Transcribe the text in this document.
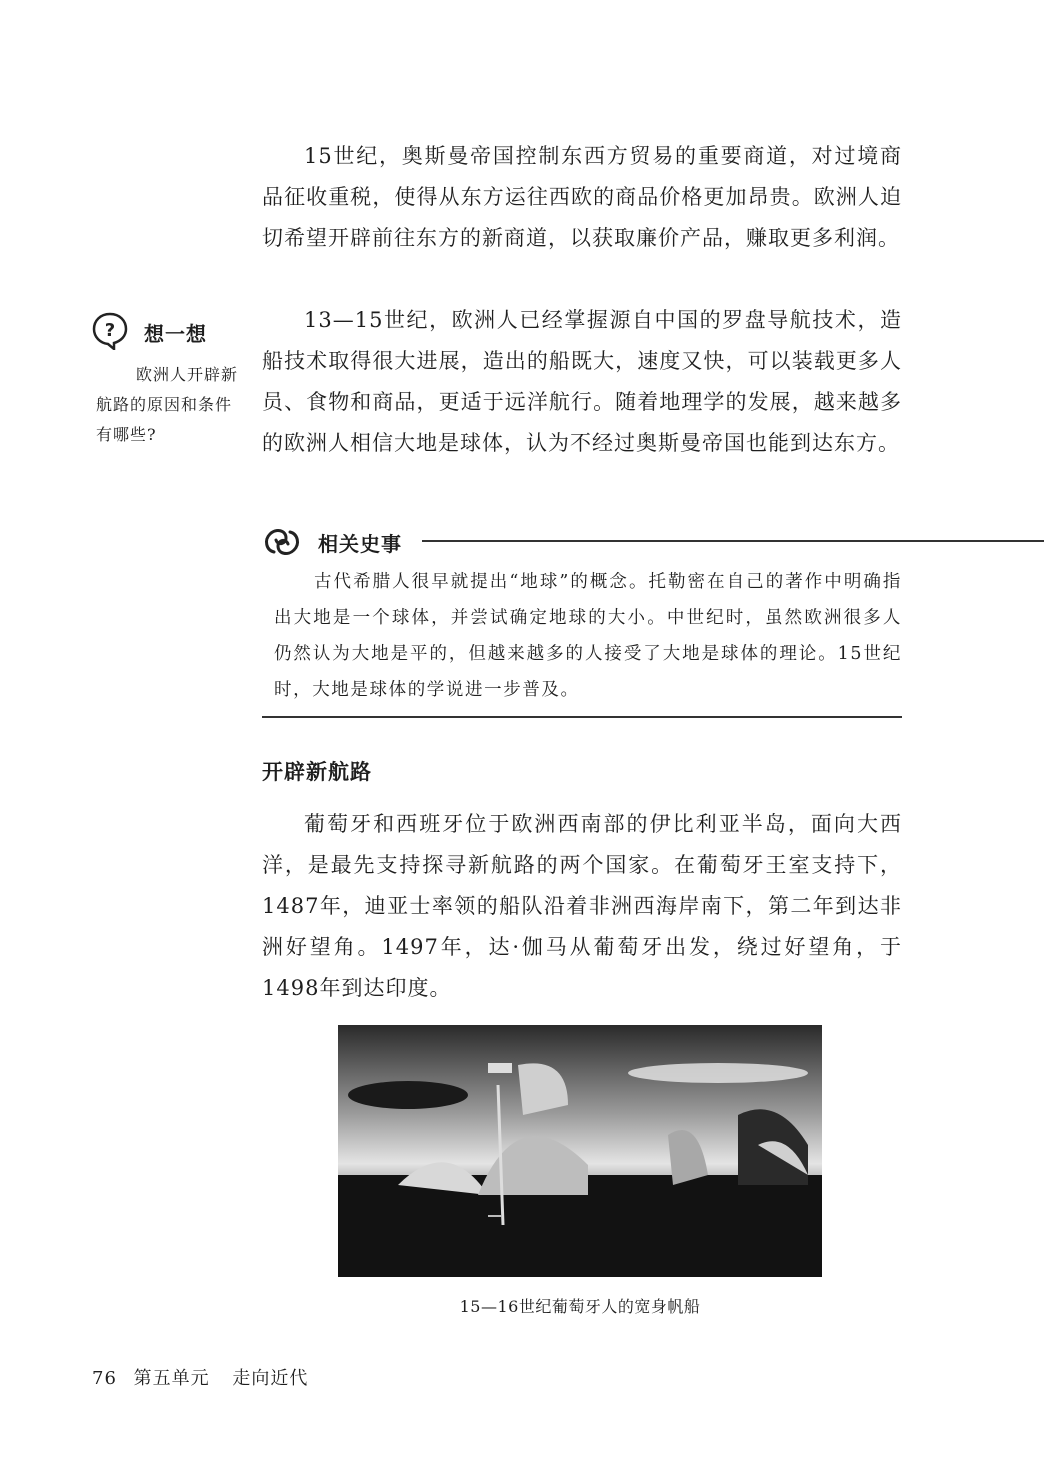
15世纪，奥斯曼帝国控制东西方贸易的重要商道，对过境商品征收重税，使得从东方运往西欧的商品价格更加昂贵。欧洲人迫切希望开辟前往东方的新商道，以获取廉价产品，赚取更多利润。

? 想一想

欧洲人开辟新航路的原因和条件有哪些?

13—15世纪，欧洲人已经掌握源自中国的罗盘导航技术，造船技术取得很大进展，造出的船既大，速度又快，可以装载更多人员、食物和商品，更适于远洋航行。随着地理学的发展，越来越多的欧洲人相信大地是球体，认为不经过奥斯曼帝国也能到达东方。

相关史事

古代希腊人很早就提出“地球”的概念。托勒密在自己的著作中明确指出大地是一个球体，并尝试确定地球的大小。中世纪时，虽然欧洲很多人仍然认为大地是平的，但越来越多的人接受了大地是球体的理论。15世纪时，大地是球体的学说进一步普及。

开辟新航路

葡萄牙和西班牙位于欧洲西南部的伊比利亚半岛，面向大西洋，是最先支持探寻新航路的两个国家。在葡萄牙王室支持下，1487年，迪亚士率领的船队沿着非洲西海岸南下，第二年到达非洲好望角。1497年，达·伽马从葡萄牙出发，绕过好望角，于1498年到达印度。

15—16世纪葡萄牙人的宽身帆船
76 第五单元 走向近代
